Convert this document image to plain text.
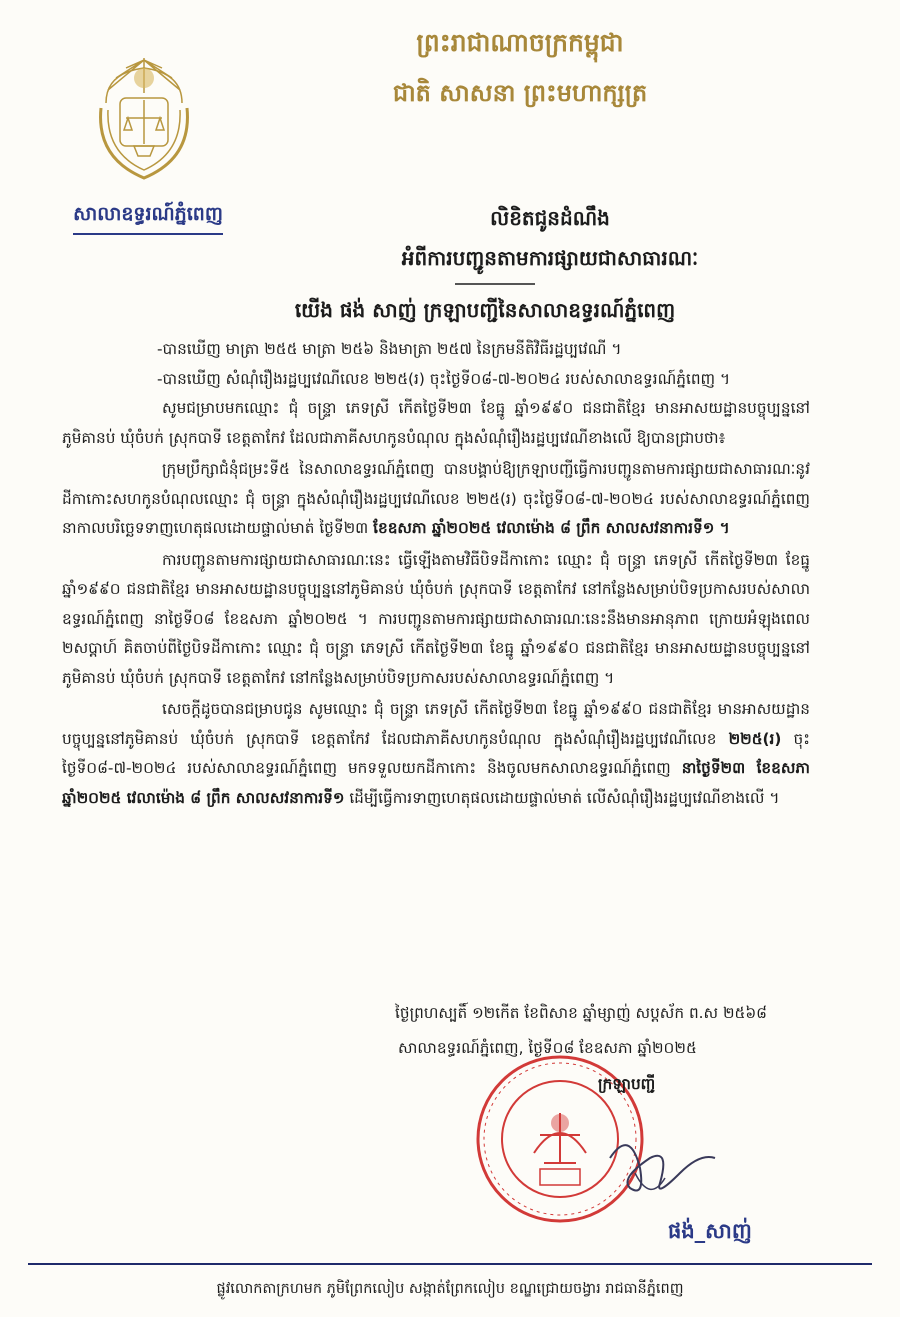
ព្រះរាជាណាចក្រកម្ពុជា
ជាតិ សាសនា ព្រះមហាក្សត្រ
សាលាឧទ្ធរណ៍ភ្នំពេញ	លិខិតជូនដំណឹង
អំពីការបញ្ជូនតាមការផ្សាយជាសាធារណៈ
យើង ផង់ សាញ់ ក្រឡាបញ្ជីនៃសាលាឧទ្ធរណ៍ភ្នំពេញ

-បានឃើញ មាត្រា ២៥៥ មាត្រា ២៥៦ និងមាត្រា ២៥៧ នៃក្រមនីតិវិធីរដ្ឋប្បវេណី ។

-បានឃើញ សំណុំរឿងរដ្ឋប្បវេណីលេខ ២២៥(រ) ចុះថ្ងៃទី០៨-៧-២០២៤ របស់សាលាឧទ្ធរណ៍ភ្នំពេញ ។

សូមជម្រាបមកឈ្មោះ ជុំ ចន្ទ្រា ភេទស្រី កើតថ្ងៃទី២៣ ខែធ្នូ ឆ្នាំ១៩៩០ ជនជាតិខ្មែរ មានអាសយដ្ឋានបច្ចុប្បន្ននៅភូមិគានប់ ឃុំចំបក់ ស្រុកបាទី ខេត្តតាកែវ ដែលជាភាគីសហកូនបំណុល ក្នុងសំណុំរឿងរដ្ឋប្បវេណីខាងលើ ឱ្យបានជ្រាបថា៖

ក្រុមប្រឹក្សាជំនុំជម្រះទី៥ នៃសាលាឧទ្ធរណ៍ភ្នំពេញ បានបង្គាប់ឱ្យក្រឡាបញ្ជីធ្វើការបញ្ជូនតាមការផ្សាយជាសាធារណៈនូវដីកាកោះសហកូនបំណុលឈ្មោះ ជុំ ចន្ទ្រា ក្នុងសំណុំរឿងរដ្ឋប្បវេណីលេខ ២២៥(រ) ចុះថ្ងៃទី០៨-៧-២០២៤ របស់សាលាឧទ្ធរណ៍ភ្នំពេញ នាកាលបរិច្ឆេទទាញហេតុផលដោយផ្ទាល់មាត់ ថ្ងៃទី២៣ ខែឧសភា ឆ្នាំ២០២៥ វេលាម៉ោង ៨ ព្រឹក សាលសវនាការទី១ ។

ការបញ្ជូនតាមការផ្សាយជាសាធារណៈនេះ ធ្វើឡើងតាមវិធីបិទដីកាកោះ ឈ្មោះ ជុំ ចន្ទ្រា ភេទស្រី កើតថ្ងៃទី២៣ ខែធ្នូ ឆ្នាំ១៩៩០ ជនជាតិខ្មែរ មានអាសយដ្ឋានបច្ចុប្បន្ននៅភូមិគានប់ ឃុំចំបក់ ស្រុកបាទី ខេត្តតាកែវ នៅកន្លែងសម្រាប់បិទប្រកាសរបស់សាលាឧទ្ធរណ៍ភ្នំពេញ នាថ្ងៃទី០៨ ខែឧសភា ឆ្នាំ២០២៥ ។ ការបញ្ជូនតាមការផ្សាយជាសាធារណៈនេះនឹងមានអានុភាព ក្រោយអំឡុងពេល ២សប្តាហ៍ គិតចាប់ពីថ្ងៃបិទដីកាកោះ ឈ្មោះ ជុំ ចន្ទ្រា ភេទស្រី កើតថ្ងៃទី២៣ ខែធ្នូ ឆ្នាំ១៩៩០ ជនជាតិខ្មែរ មានអាសយដ្ឋានបច្ចុប្បន្ននៅភូមិគានប់ ឃុំចំបក់ ស្រុកបាទី ខេត្តតាកែវ នៅកន្លែងសម្រាប់បិទប្រកាសរបស់សាលាឧទ្ធរណ៍ភ្នំពេញ ។

សេចក្តីដូចបានជម្រាបជូន សូមឈ្មោះ ជុំ ចន្ទ្រា ភេទស្រី កើតថ្ងៃទី២៣ ខែធ្នូ ឆ្នាំ១៩៩០ ជនជាតិខ្មែរ មានអាសយដ្ឋានបច្ចុប្បន្ននៅភូមិគានប់ ឃុំចំបក់ ស្រុកបាទី ខេត្តតាកែវ ដែលជាភាគីសហកូនបំណុល ក្នុងសំណុំរឿងរដ្ឋប្បវេណីលេខ ២២៥(រ) ចុះថ្ងៃទី០៨-៧-២០២៤ របស់សាលាឧទ្ធរណ៍ភ្នំពេញ មកទទួលយកដីកាកោះ និងចូលមកសាលាឧទ្ធរណ៍ភ្នំពេញ នាថ្ងៃទី២៣ ខែឧសភា ឆ្នាំ២០២៥ វេលាម៉ោង ៨ ព្រឹក សាលសវនាការទី១ ដើម្បីធ្វើការទាញហេតុផលដោយផ្ទាល់មាត់ លើសំណុំរឿងរដ្ឋប្បវេណីខាងលើ ។

ថ្ងៃព្រហស្បតិ៍ ១២កើត ខែពិសាខ ឆ្នាំម្សាញ់ សប្តស័ក ព.ស ២៥៦៨
សាលាឧទ្ធរណ៍ភ្នំពេញ, ថ្ងៃទី០៨ ខែឧសភា ឆ្នាំ២០២៥
ក្រឡាបញ្ជី
ផង់_សាញ់
ផ្លូវលោកតាក្រហមក ភូមិព្រែកលៀប សង្កាត់ព្រែកលៀប ខណ្ឌជ្រោយចង្វារ រាជធានីភ្នំពេញ
